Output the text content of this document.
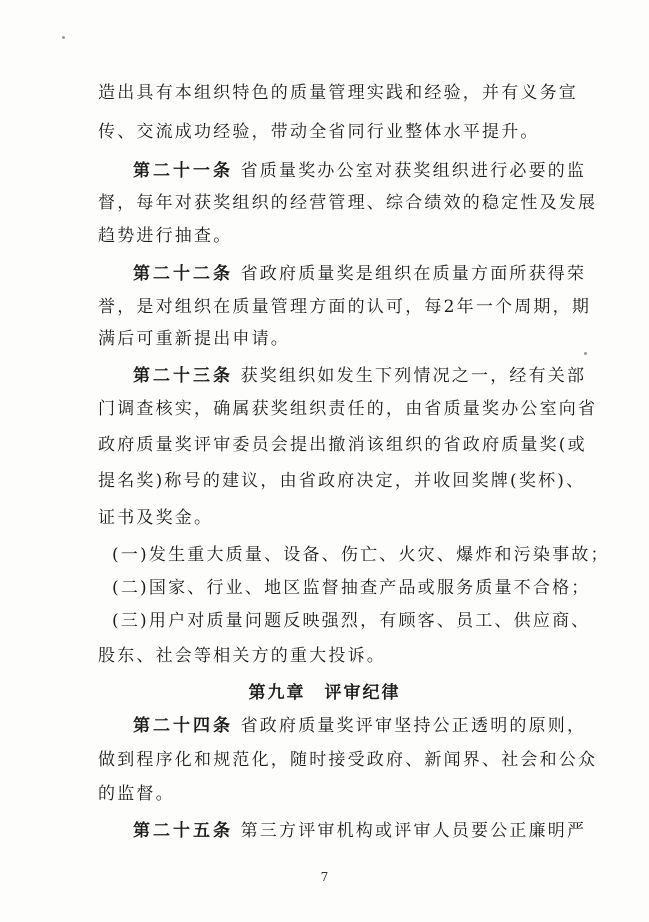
造出具有本组织特色的质量管理实践和经验，并有义务宣
传、交流成功经验，带动全省同行业整体水平提升。
第二十一条 省质量奖办公室对获奖组织进行必要的监
督，每年对获奖组织的经营管理、综合绩效的稳定性及发展
趋势进行抽查。
第二十二条 省政府质量奖是组织在质量方面所获得荣
誉，是对组织在质量管理方面的认可，每2年一个周期，期
满后可重新提出申请。
第二十三条 获奖组织如发生下列情况之一，经有关部
门调查核实，确属获奖组织责任的，由省质量奖办公室向省
政府质量奖评审委员会提出撤消该组织的省政府质量奖(或
提名奖)称号的建议，由省政府决定，并收回奖牌(奖杯)、
证书及奖金。
(一)发生重大质量、设备、伤亡、火灾、爆炸和污染事故；
(二)国家、行业、地区监督抽查产品或服务质量不合格；
(三)用户对质量问题反映强烈，有顾客、员工、供应商、
股东、社会等相关方的重大投诉。
第九章　评审纪律
第二十四条 省政府质量奖评审坚持公正透明的原则，
做到程序化和规范化，随时接受政府、新闻界、社会和公众
的监督。
第二十五条 第三方评审机构或评审人员要公正廉明严
7
